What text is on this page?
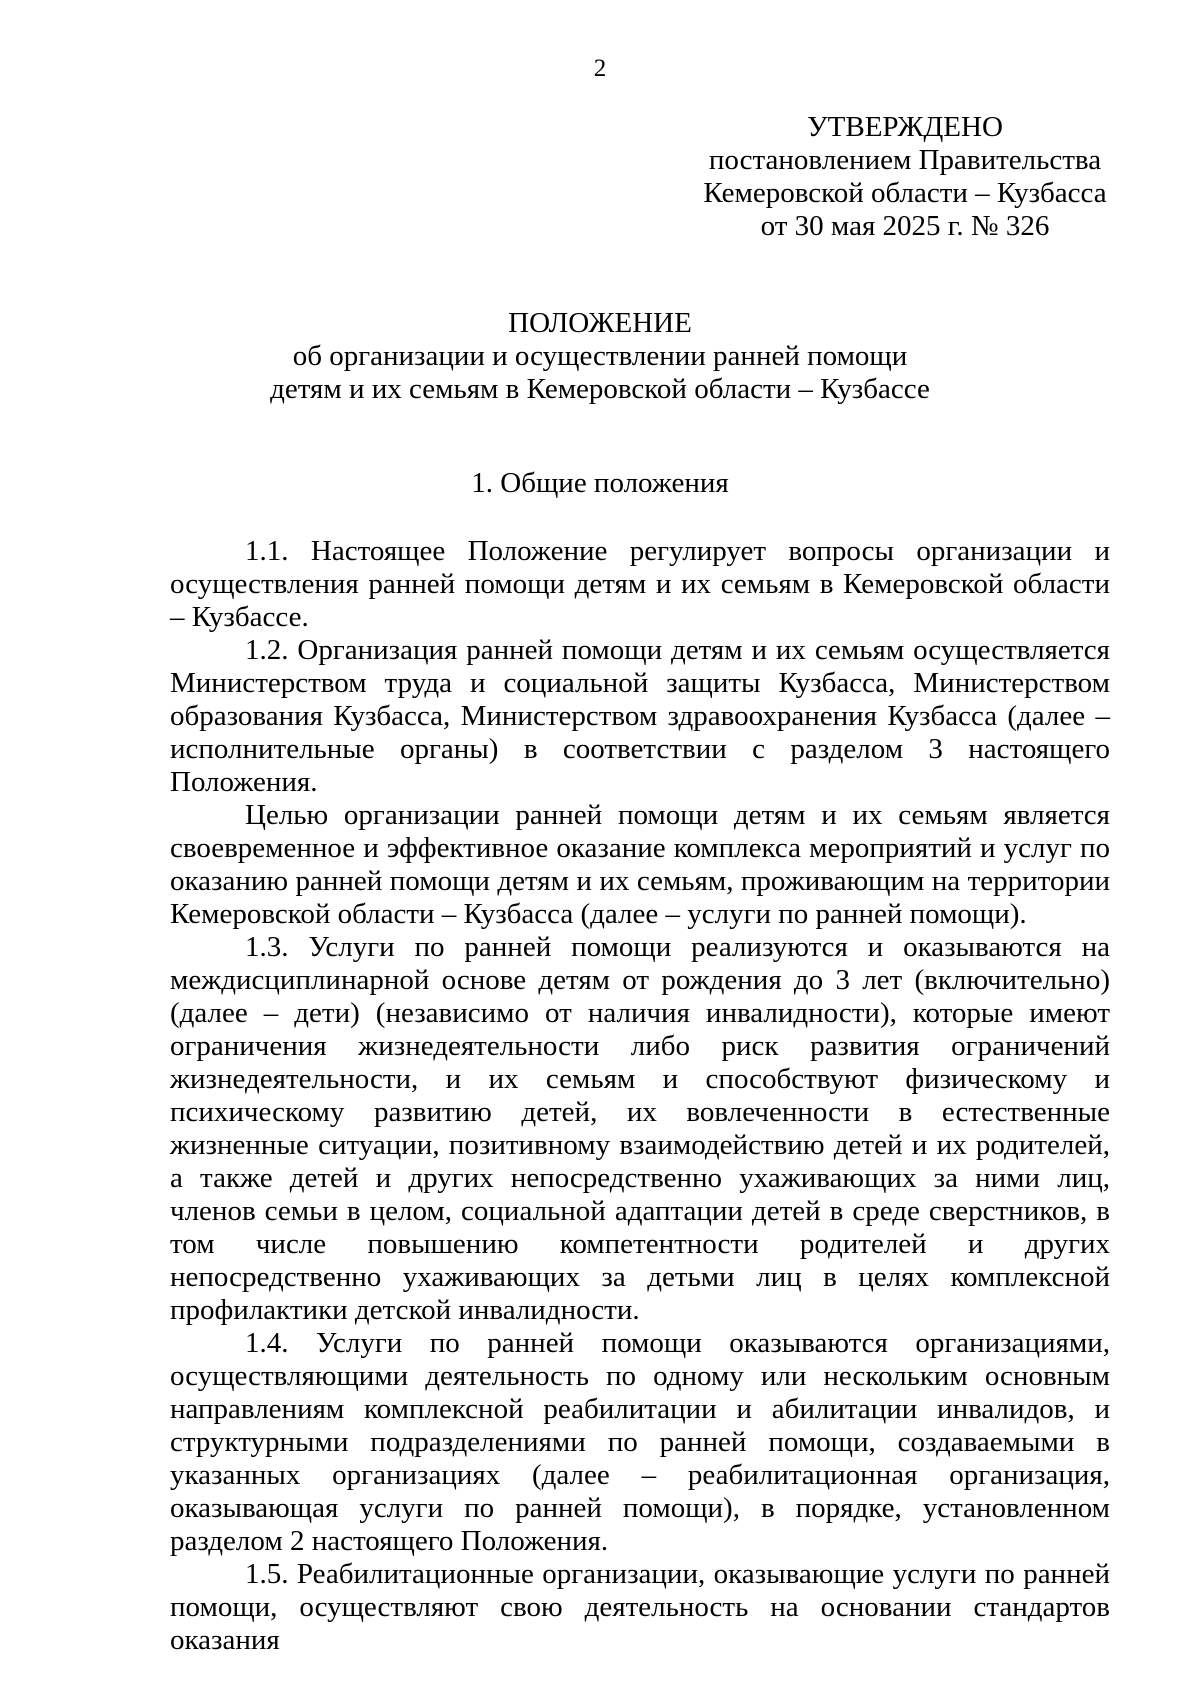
2
УТВЕРЖДЕНО
постановлением Правительства
Кемеровской области – Кузбасса
от 30 мая 2025 г. № 326
ПОЛОЖЕНИЕ
об организации и осуществлении ранней помощи
детям и их семьям в Кемеровской области – Кузбассе
1. Общие положения

1.1. Настоящее Положение регулирует вопросы организации и осуществления ранней помощи детям и их семьям в Кемеровской области – Кузбассе.

1.2. Организация ранней помощи детям и их семьям осуществляется Министерством труда и социальной защиты Кузбасса, Министерством образования Кузбасса, Министерством здравоохранения Кузбасса (далее – исполнительные органы) в соответствии с разделом 3 настоящего Положения.

Целью организации ранней помощи детям и их семьям является своевременное и эффективное оказание комплекса мероприятий и услуг по оказанию ранней помощи детям и их семьям, проживающим на территории Кемеровской области – Кузбасса (далее – услуги по ранней помощи).

1.3. Услуги по ранней помощи реализуются и оказываются на междисциплинарной основе детям от рождения до 3 лет (включительно) (далее – дети) (независимо от наличия инвалидности), которые имеют ограничения жизнедеятельности либо риск развития ограничений жизнедеятельности, и их семьям и способствуют физическому и психическому развитию детей, их вовлеченности в естественные жизненные ситуации, позитивному взаимодействию детей и их родителей, а также детей и других непосредственно ухаживающих за ними лиц, членов семьи в целом, социальной адаптации детей в среде сверстников, в том числе повышению компетентности родителей и других непосредственно ухаживающих за детьми лиц в целях комплексной профилактики детской инвалидности.

1.4. Услуги по ранней помощи оказываются организациями, осуществляющими деятельность по одному или нескольким основным направлениям комплексной реабилитации и абилитации инвалидов, и структурными подразделениями по ранней помощи, создаваемыми в указанных организациях (далее – реабилитационная организация, оказывающая услуги по ранней помощи), в порядке, установленном разделом 2 настоящего Положения.

1.5. Реабилитационные организации, оказывающие услуги по ранней помощи, осуществляют свою деятельность на основании стандартов оказания
